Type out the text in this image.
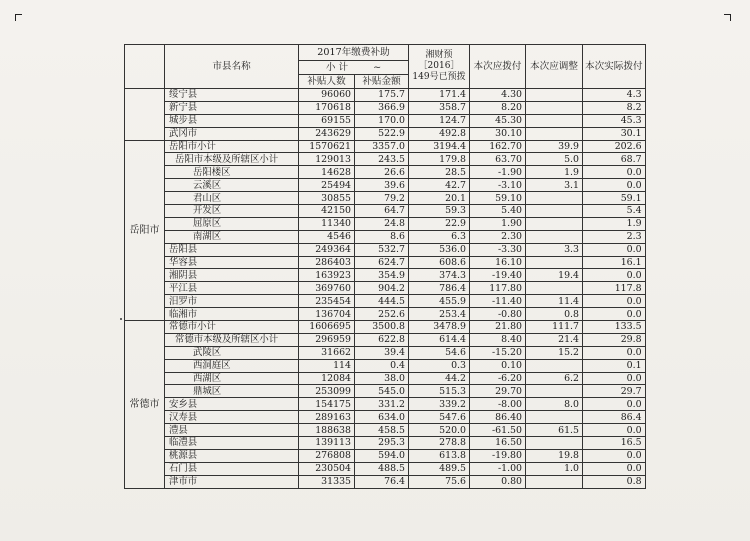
	市县名称	2017年缴费补助		湘财预［2016］149号已预拨	本次应拨付	本次应调整	本次实际拨付
		小 计 ~					
		补贴人数	补贴金额				
	绥宁县	96060	175.7	171.4	4.30		4.3
	新宁县	170618	366.9	358.7	8.20		8.2
	城步县	69155	170.0	124.7	45.30		45.3
	武冈市	243629	522.9	492.8	30.10		30.1
岳阳市	岳阳市小计	1570621	3357.0	3194.4	162.70	39.9	202.6
	岳阳市本级及所辖区小计	129013	243.5	179.8	63.70	5.0	68.7
	岳阳楼区	14628	26.6	28.5	-1.90	1.9	0.0
	云溪区	25494	39.6	42.7	-3.10	3.1	0.0
	君山区	30855	79.2	20.1	59.10		59.1
	开发区	42150	64.7	59.3	5.40		5.4
	屈原区	11340	24.8	22.9	1.90		1.9
	南湖区	4546	8.6	6.3	2.30		2.3
	岳阳县	249364	532.7	536.0	-3.30	3.3	0.0
	华容县	286403	624.7	608.6	16.10		16.1
	湘阴县	163923	354.9	374.3	-19.40	19.4	0.0
	平江县	369760	904.2	786.4	117.80		117.8
	汨罗市	235454	444.5	455.9	-11.40	11.4	0.0
	临湘市	136704	252.6	253.4	-0.80	0.8	0.0
常德市	常德市小计	1606695	3500.8	3478.9	21.80	111.7	133.5
	常德市本级及所辖区小计	296959	622.8	614.4	8.40	21.4	29.8
	武陵区	31662	39.4	54.6	-15.20	15.2	0.0
	西洞庭区	114	0.4	0.3	0.10		0.1
	西湖区	12084	38.0	44.2	-6.20	6.2	0.0
	鼎城区	253099	545.0	515.3	29.70		29.7
	安乡县	154175	331.2	339.2	-8.00	8.0	0.0
	汉寿县	289163	634.0	547.6	86.40		86.4
	澧县	188638	458.5	520.0	-61.50	61.5	0.0
	临澧县	139113	295.3	278.8	16.50		16.5
	桃源县	276808	594.0	613.8	-19.80	19.8	0.0
	石门县	230504	488.5	489.5	-1.00	1.0	0.0
	津市市	31335	76.4	75.6	0.80		0.8
